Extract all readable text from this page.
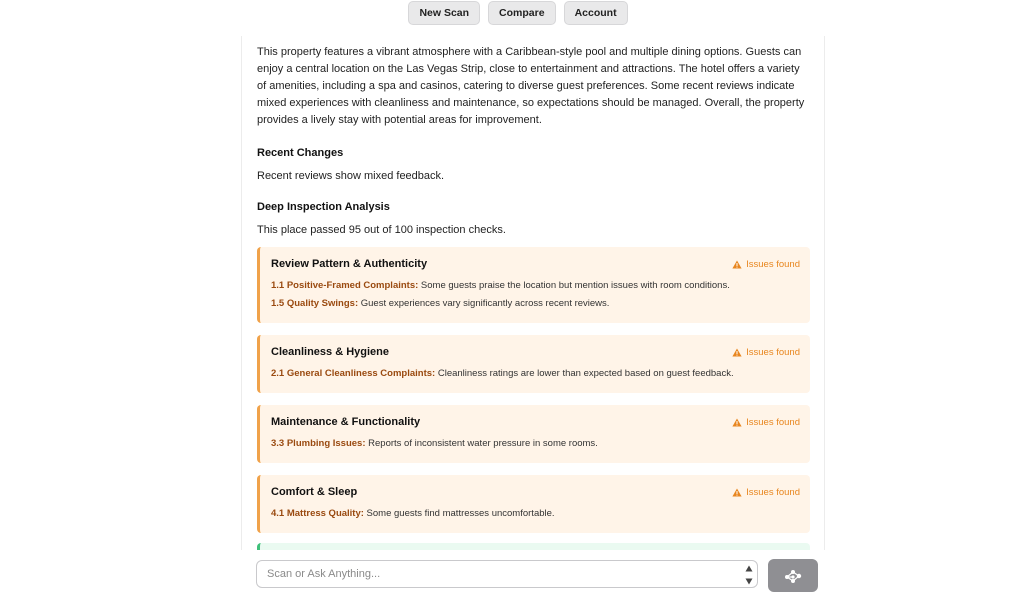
New Scan	Compare	Account

This property features a vibrant atmosphere with a Caribbean-style pool and multiple dining options. Guests can enjoy a central location on the Las Vegas Strip, close to entertainment and attractions. The hotel offers a variety of amenities, including a spa and casinos, catering to diverse guest preferences. Some recent reviews indicate mixed experiences with cleanliness and maintenance, so expectations should be managed. Overall, the property provides a lively stay with potential areas for improvement.

Recent Changes

Recent reviews show mixed feedback.

Deep Inspection Analysis

This place passed 95 out of 100 inspection checks.

Review Pattern & Authenticity	Issues found

1.1 Positive-Framed Complaints: Some guests praise the location but mention issues with room conditions.

1.5 Quality Swings: Guest experiences vary significantly across recent reviews.

Cleanliness & Hygiene	Issues found

2.1 General Cleanliness Complaints: Cleanliness ratings are lower than expected based on guest feedback.

Maintenance & Functionality	Issues found

3.3 Plumbing Issues: Reports of inconsistent water pressure in some rooms.

Comfort & Sleep	Issues found

4.1 Mattress Quality: Some guests find mattresses uncomfortable.

Scan or Ask Anything...
